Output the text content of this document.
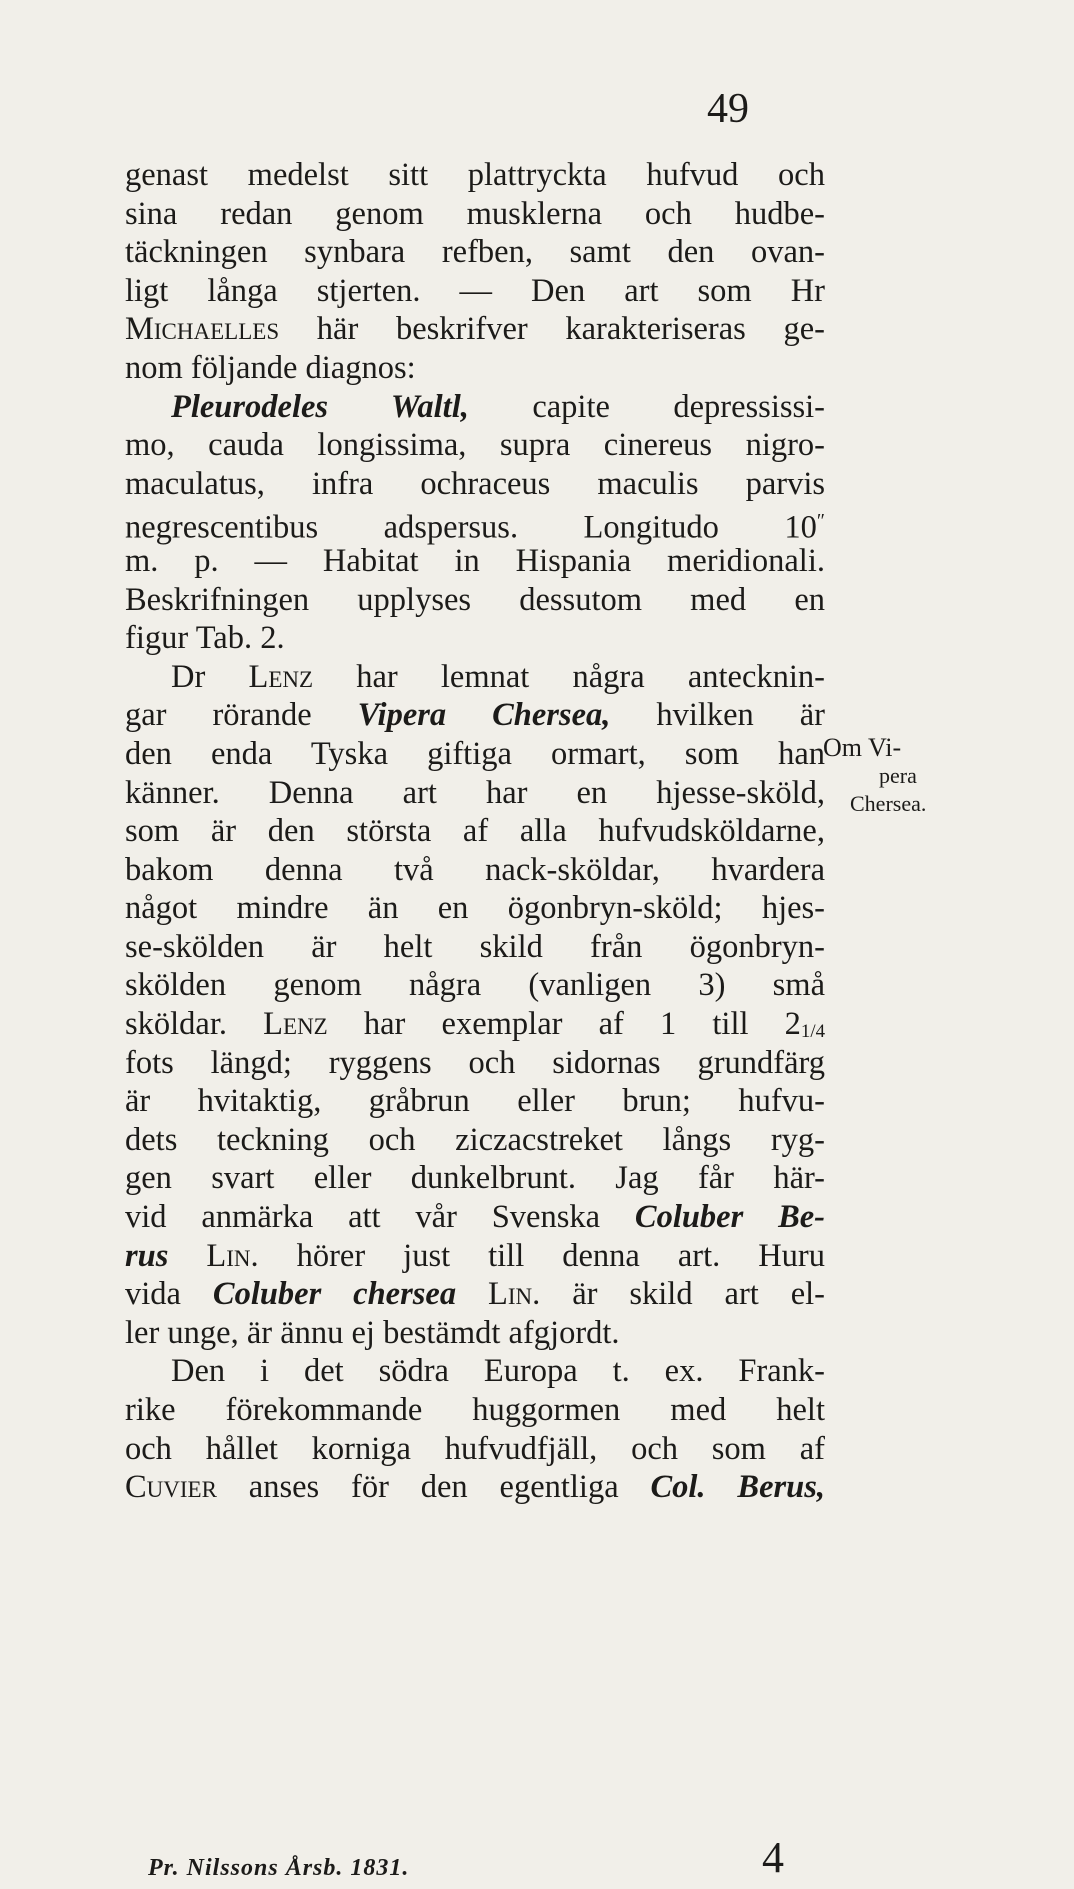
49
genast medelst sitt plattryckta hufvud och
sina redan genom musklerna och hudbe-
täckningen synbara refben, samt den ovan-
ligt långa stjerten. — Den art som Hr
Michaelles här beskrifver karakteriseras ge-
nom följande diagnos:
Pleurodeles Waltl, capite depressissi-
mo, cauda longissima, supra cinereus nigro-
maculatus, infra ochraceus maculis parvis
negrescentibus adspersus. Longitudo 10″
m. p. — Habitat in Hispania meridionali.
Beskrifningen upplyses dessutom med en
figur Tab. 2.
Dr Lenz har lemnat några antecknin-
gar rörande Vipera Chersea, hvilken är
den enda Tyska giftiga ormart, som han
känner. Denna art har en hjesse-sköld,
som är den största af alla hufvudsköldarne,
bakom denna två nack-sköldar, hvardera
något mindre än en ögonbryn-sköld; hjes-
se-skölden är helt skild från ögonbryn-
skölden genom några (vanligen 3) små
sköldar. Lenz har exemplar af 1 till 21/4
fots längd; ryggens och sidornas grundfärg
är hvitaktig, gråbrun eller brun; hufvu-
dets teckning och ziczacstreket långs ryg-
gen svart eller dunkelbrunt. Jag får här-
vid anmärka att vår Svenska Coluber Be-
rus Lin. hörer just till denna art. Huru
vida Coluber chersea Lin. är skild art el-
ler unge, är ännu ej bestämdt afgjordt.
Den i det södra Europa t. ex. Frank-
rike förekommande huggormen med helt
och hållet korniga hufvudfjäll, och som af
Cuvier anses för den egentliga Col. Berus,
Om Vi-
pera
Chersea.
Pr. Nilssons Årsb. 1831.	4
